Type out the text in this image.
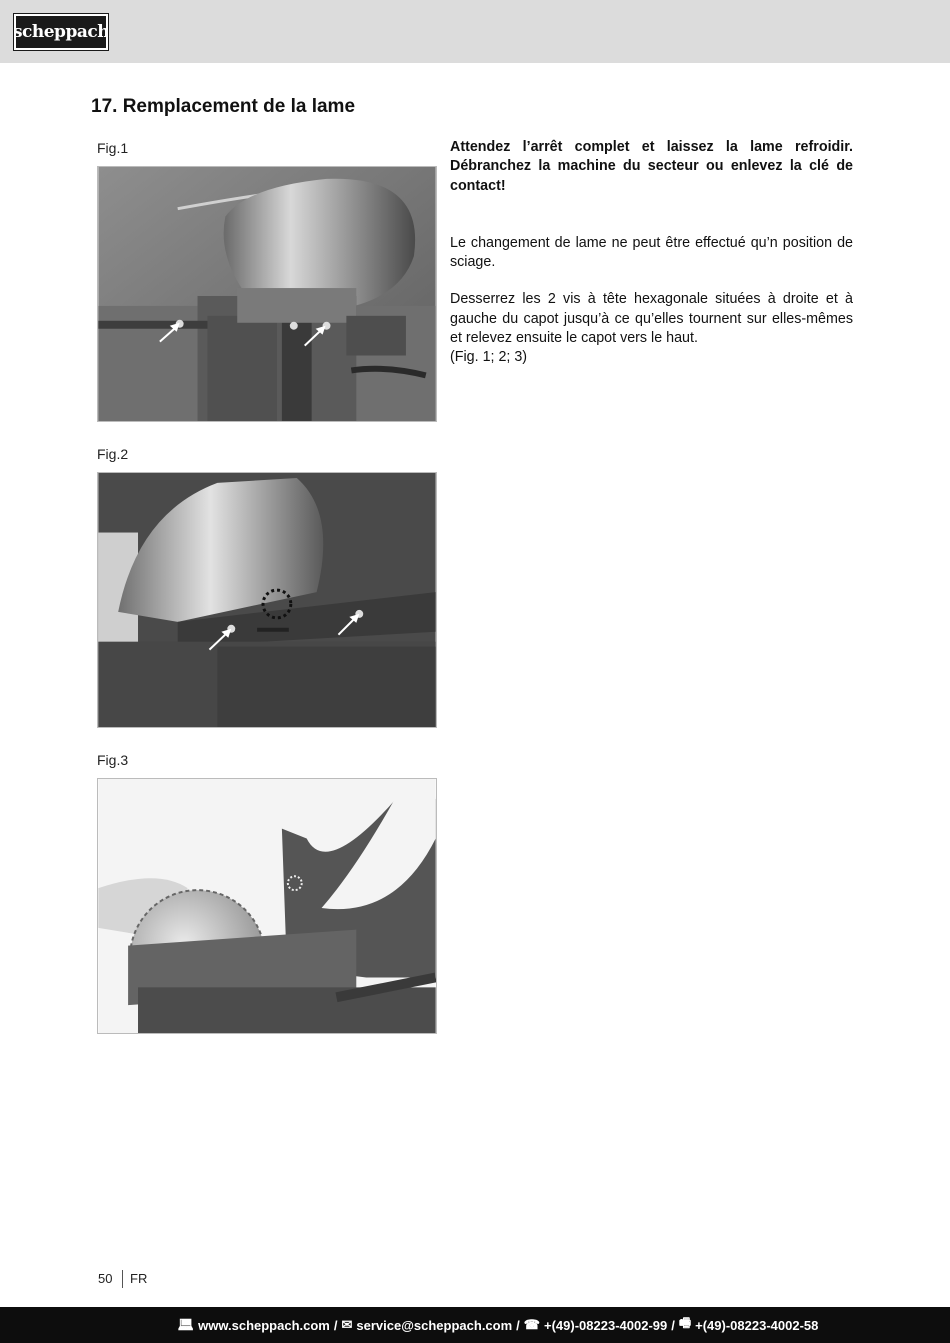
scheppach
17. Remplacement de la lame
Fig.1
Fig.2
Fig.3

Attendez l’arrêt complet et laissez la lame refroidir. Débranchez la machine du secteur ou enlevez la clé de contact!

Le changement de lame ne peut être effectué qu’n position de sciage.

Desserrez les 2 vis à tête hexagonale situées à droite et à gauche du capot jusqu’à ce qu’elles tournent sur elles-mêmes et relevez ensuite le capot vers le haut.
(Fig. 1; 2; 3)

50 FR
💻︎ www.scheppach.com / ✉︎ service@scheppach.com / ☎ +(49)-08223-4002-99 / 🖷︎ +(49)-08223-4002-58
